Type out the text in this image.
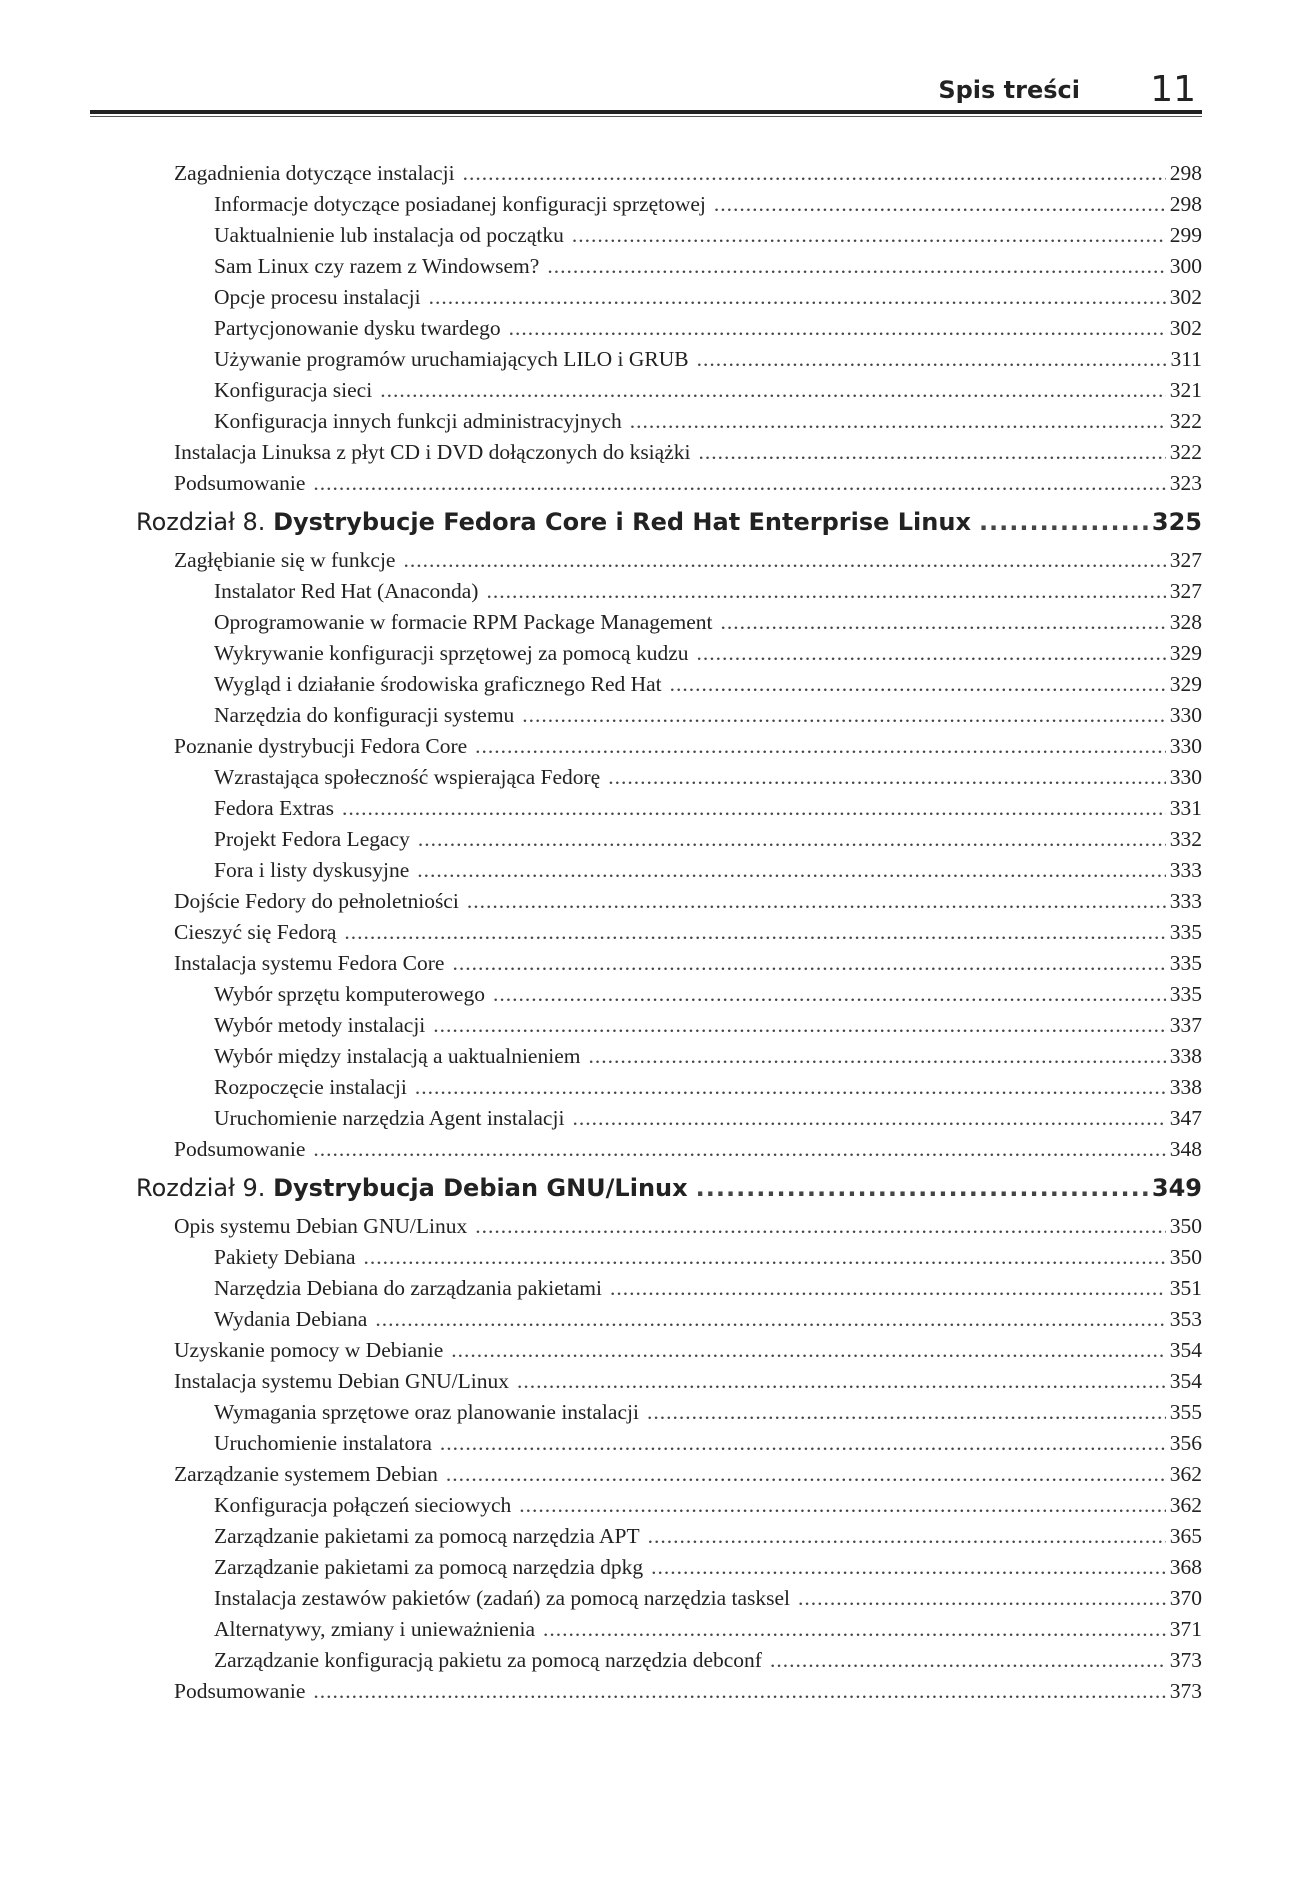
Spis treści 11
Zagadnienia dotyczące instalacji .....	298
Informacje dotyczące posiadanej konfiguracji sprzętowej .....	298
Uaktualnienie lub instalacja od początku .....	299
Sam Linux czy razem z Windowsem? .....	300
Opcje procesu instalacji .....	302
Partycjonowanie dysku twardego .....	302
Używanie programów uruchamiających LILO i GRUB .....	311
Konfiguracja sieci .....	321
Konfiguracja innych funkcji administracyjnych .....	322
Instalacja Linuksa z płyt CD i DVD dołączonych do książki .....	322
Podsumowanie .....	323
Rozdział 8. Dystrybucje Fedora Core i Red Hat Enterprise Linux .....	325
Zagłębianie się w funkcje .....	327
Instalator Red Hat (Anaconda) .....	327
Oprogramowanie w formacie RPM Package Management .....	328
Wykrywanie konfiguracji sprzętowej za pomocą kudzu .....	329
Wygląd i działanie środowiska graficznego Red Hat .....	329
Narzędzia do konfiguracji systemu .....	330
Poznanie dystrybucji Fedora Core .....	330
Wzrastająca społeczność wspierająca Fedorę .....	330
Fedora Extras .....	331
Projekt Fedora Legacy .....	332
Fora i listy dyskusyjne .....	333
Dojście Fedory do pełnoletniości .....	333
Cieszyć się Fedorą .....	335
Instalacja systemu Fedora Core .....	335
Wybór sprzętu komputerowego .....	335
Wybór metody instalacji .....	337
Wybór między instalacją a uaktualnieniem .....	338
Rozpoczęcie instalacji .....	338
Uruchomienie narzędzia Agent instalacji .....	347
Podsumowanie .....	348
Rozdział 9. Dystrybucja Debian GNU/Linux .....	349
Opis systemu Debian GNU/Linux .....	350
Pakiety Debiana .....	350
Narzędzia Debiana do zarządzania pakietami .....	351
Wydania Debiana .....	353
Uzyskanie pomocy w Debianie .....	354
Instalacja systemu Debian GNU/Linux .....	354
Wymagania sprzętowe oraz planowanie instalacji .....	355
Uruchomienie instalatora .....	356
Zarządzanie systemem Debian .....	362
Konfiguracja połączeń sieciowych .....	362
Zarządzanie pakietami za pomocą narzędzia APT .....	365
Zarządzanie pakietami za pomocą narzędzia dpkg .....	368
Instalacja zestawów pakietów (zadań) za pomocą narzędzia tasksel .....	370
Alternatywy, zmiany i unieważnienia .....	371
Zarządzanie konfiguracją pakietu za pomocą narzędzia debconf .....	373
Podsumowanie .....	373
